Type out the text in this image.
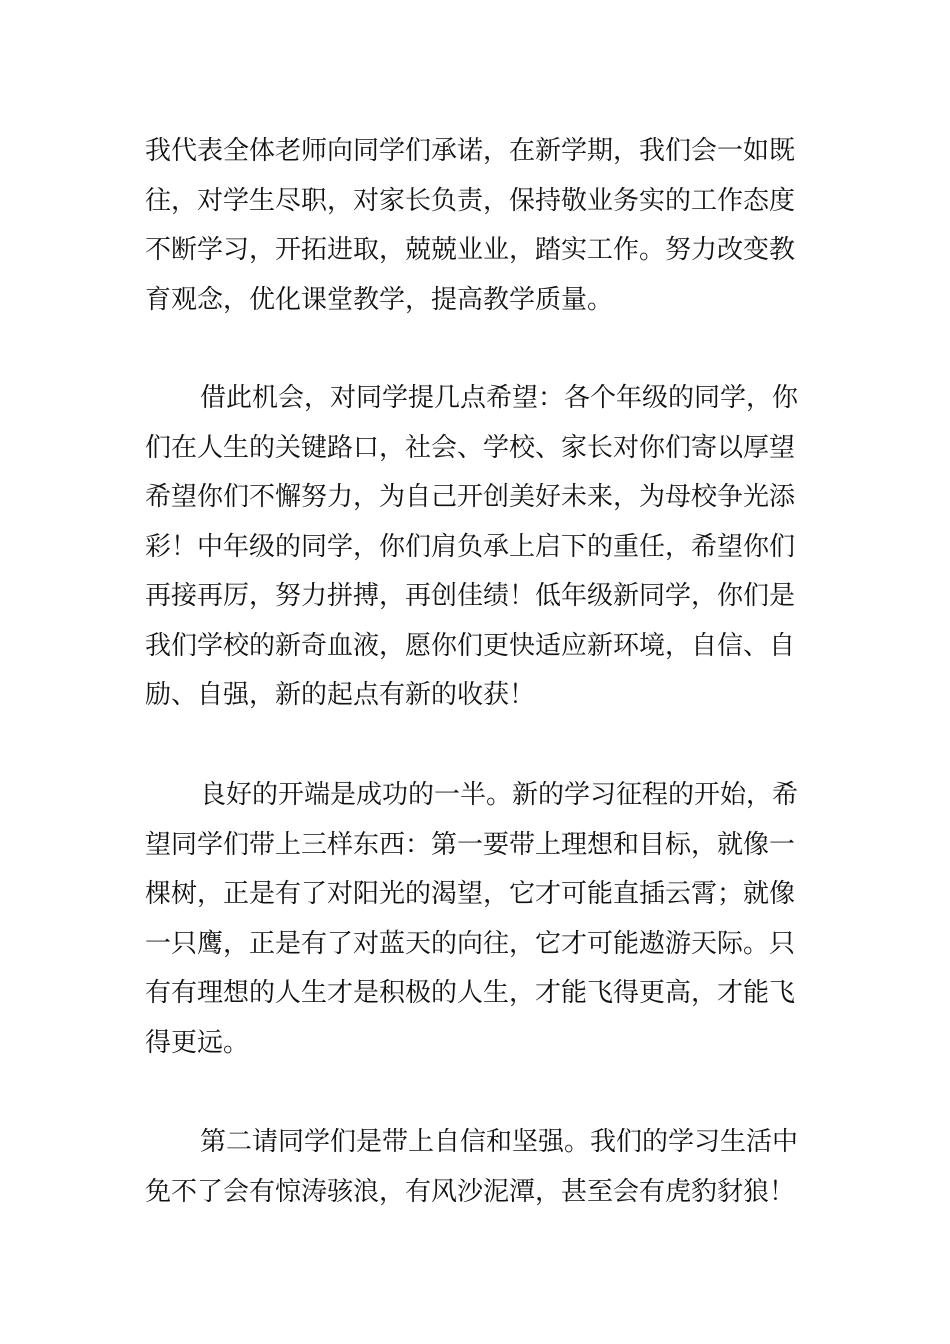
我代表全体老师向同学们承诺，在新学期，我们会一如既
往，对学生尽职，对家长负责，保持敬业务实的工作态度
不断学习，开拓进取，兢兢业业，踏实工作。努力改变教
育观念，优化课堂教学，提高教学质量。

借此机会，对同学提几点希望：各个年级的同学，你
们在人生的关键路口，社会、学校、家长对你们寄以厚望
希望你们不懈努力，为自己开创美好未来，为母校争光添
彩！中年级的同学，你们肩负承上启下的重任，希望你们
再接再厉，努力拼搏，再创佳绩！低年级新同学，你们是
我们学校的新奇血液，愿你们更快适应新环境，自信、自
励、自强，新的起点有新的收获！

良好的开端是成功的一半。新的学习征程的开始，希
望同学们带上三样东西：第一要带上理想和目标，就像一
棵树，正是有了对阳光的渴望，它才可能直插云霄；就像
一只鹰，正是有了对蓝天的向往，它才可能遨游天际。只
有有理想的人生才是积极的人生，才能飞得更高，才能飞
得更远。

第二请同学们是带上自信和坚强。我们的学习生活中
免不了会有惊涛骇浪，有风沙泥潭，甚至会有虎豹豺狼！
